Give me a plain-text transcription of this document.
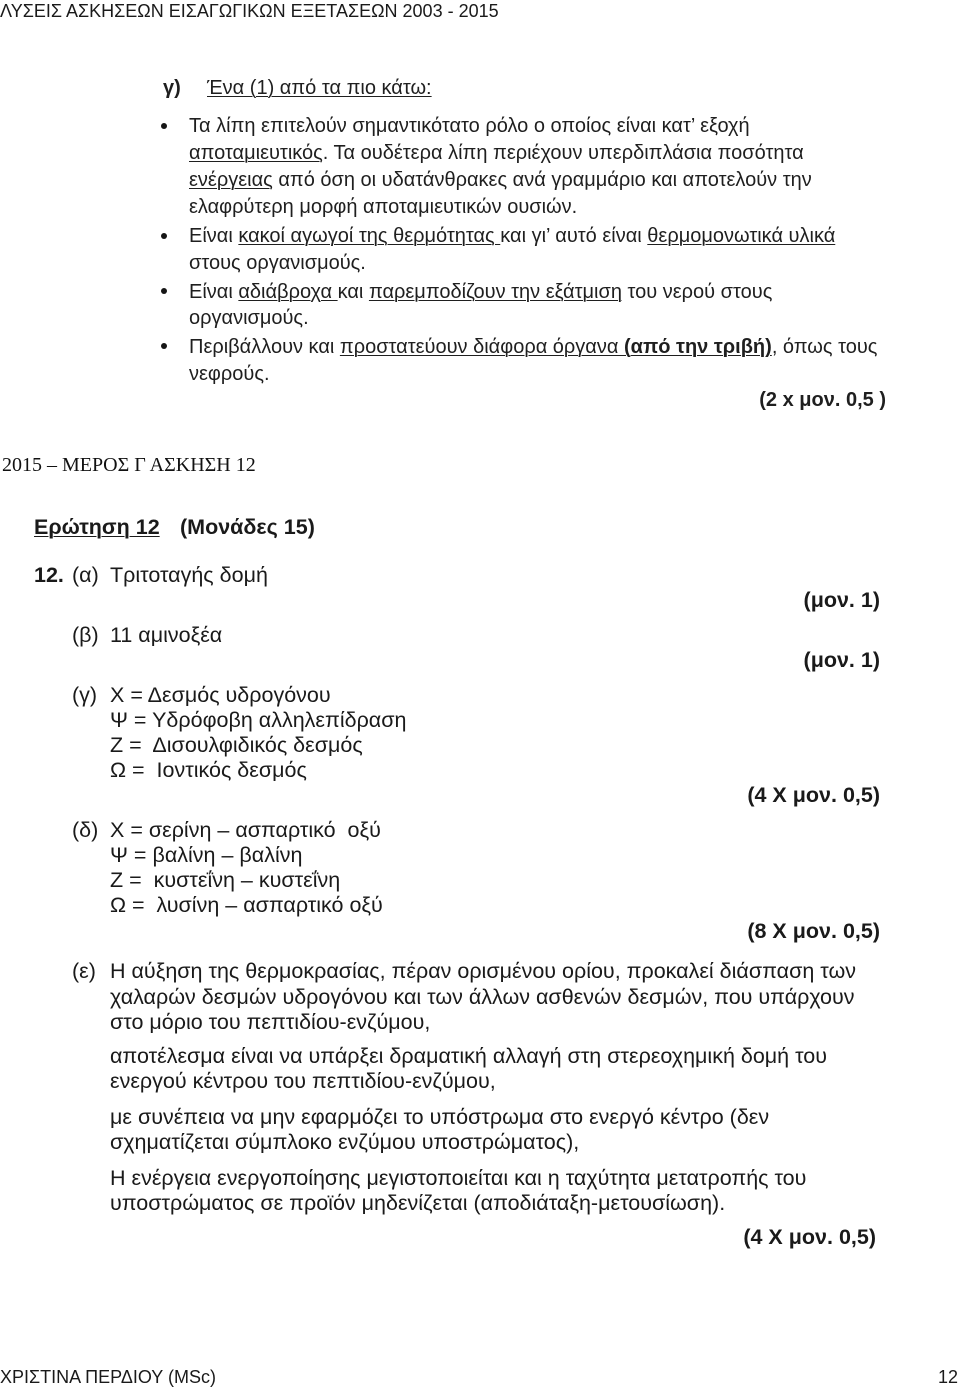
ΛΥΣΕΙΣ ΑΣΚΗΣΕΩΝ ΕΙΣΑΓΩΓΙΚΩΝ ΕΞΕΤΑΣΕΩΝ 2003 - 2015
γ) Ένα (1) από τα πιο κάτω:
Τα λίπη επιτελούν σημαντικότατο ρόλο ο οποίος είναι κατ’ εξοχή
αποταμιευτικός. Τα ουδέτερα λίπη περιέχουν υπερδιπλάσια ποσότητα
ενέργειας από όση οι υδατάνθρακες ανά γραμμάριο και αποτελούν την
ελαφρύτερη μορφή αποταμιευτικών ουσιών.
Είναι κακοί αγωγοί της θερμότητας και γι’ αυτό είναι θερμομονωτικά υλικά
στους οργανισμούς.
Είναι αδιάβροχα και παρεμποδίζουν την εξάτμιση του νερού στους
οργανισμούς.
Περιβάλλουν και προστατεύουν διάφορα όργανα (από την τριβή), όπως τους
νεφρούς.
(2 x μον. 0,5 )
2015 – ΜΕΡΟΣ Γ ΑΣΚΗΣΗ 12
Ερώτηση 12 (Μονάδες 15)
12. (α) Τριτοταγής δομή
(μον. 1)
(β) 11 αμινοξέα
(μον. 1)
(γ) Χ = Δεσμός υδρογόνου
Ψ = Υδρόφοβη αλληλεπίδραση
Ζ =  Δισουλφιδικός δεσμός
Ω =  Ιοντικός δεσμός
(4 X μον. 0,5)
(δ) Χ = σερίνη – ασπαρτικό  οξύ
Ψ = βαλίνη – βαλίνη
Ζ =  κυστεΐνη – κυστεΐνη
Ω =  λυσίνη – ασπαρτικό οξύ
(8 X μον. 0,5)
(ε) Η αύξηση της θερμοκρασίας, πέραν ορισμένου ορίου, προκαλεί διάσπαση των
χαλαρών δεσμών υδρογόνου και των άλλων ασθενών δεσμών, που υπάρχουν
στο μόριο του πεπτιδίου-ενζύμου,
αποτέλεσμα είναι να υπάρξει δραματική αλλαγή στη στερεοχημική δομή του
ενεργού κέντρου του πεπτιδίου-ενζύμου,
με συνέπεια να μην εφαρμόζει το υπόστρωμα στο ενεργό κέντρο (δεν
σχηματίζεται σύμπλοκο ενζύμου υποστρώματος),
Η ενέργεια ενεργοποίησης μεγιστοποιείται και η ταχύτητα μετατροπής του
υποστρώματος σε προϊόν μηδενίζεται (αποδιάταξη-μετουσίωση).
(4 X μον. 0,5)
ΧΡΙΣΤΙΝΑ ΠΕΡΔΙΟΥ (MSc)	12
